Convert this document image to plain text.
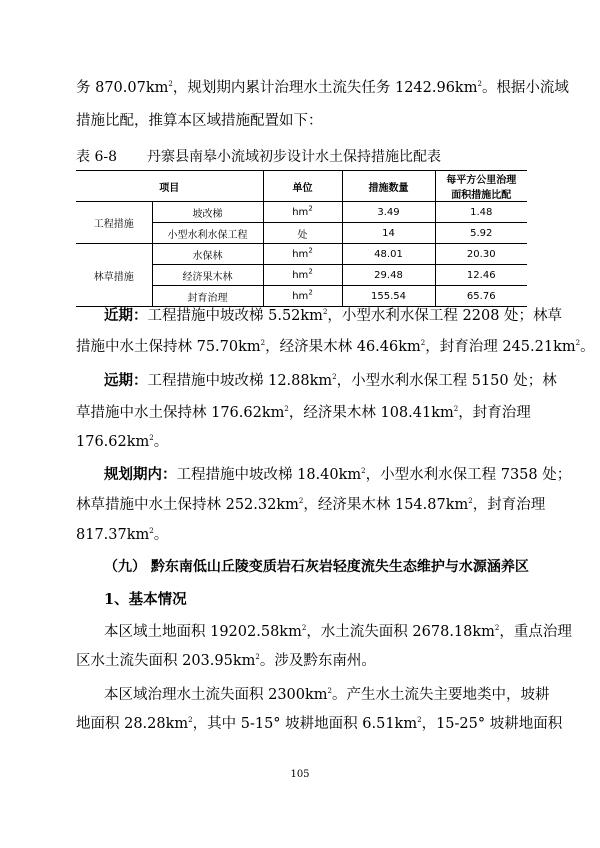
务 $870.07km^2$，规划期内累计治理水土流失任务 $1242.96km^2$。根据小流域
措施比配，推算本区域措施配置如下：
表 6-8 丹寨县南皋小流域初步设计水土保持措施比配表
项目		单位	措施数量	每平方公里治理面积措施比配
工程措施	坡改梯	$hm^2$	3.49	1.48
	小型水利水保工程	处	14	5.92
林草措施	水保林	$hm^2$	48.01	20.30
	经济果木林	$hm^2$	29.48	12.46
	封育治理	$hm^2$	155.54	65.76
近期：工程措施中坡改梯 $5.52km^2$，小型水利水保工程 2208 处；林草
措施中水土保持林 $75.70km^2$，经济果木林 $46.46km^2$，封育治理 $245.21km^2$。
远期：工程措施中坡改梯 $12.88km^2$，小型水利水保工程 5150 处；林
草措施中水土保持林 $176.62km^2$，经济果木林 $108.41km^2$，封育治理
$176.62km^2$。
规划期内：工程措施中坡改梯 $18.40km^2$，小型水利水保工程 7358 处；
林草措施中水土保持林 $252.32km^2$，经济果木林 $154.87km^2$，封育治理
$817.37km^2$。
（九） 黔东南低山丘陵变质岩石灰岩轻度流失生态维护与水源涵养区
1、基本情况
本区域土地面积 $19202.58km^2$，水土流失面积 $2678.18km^2$，重点治理
区水土流失面积 $203.95km^2$。涉及黔东南州。
本区域治理水土流失面积 $2300km^2$。产生水土流失主要地类中，坡耕
地面积 $28.28km^2$，其中 5-15° 坡耕地面积 $6.51km^2$，15-25° 坡耕地面积
105
